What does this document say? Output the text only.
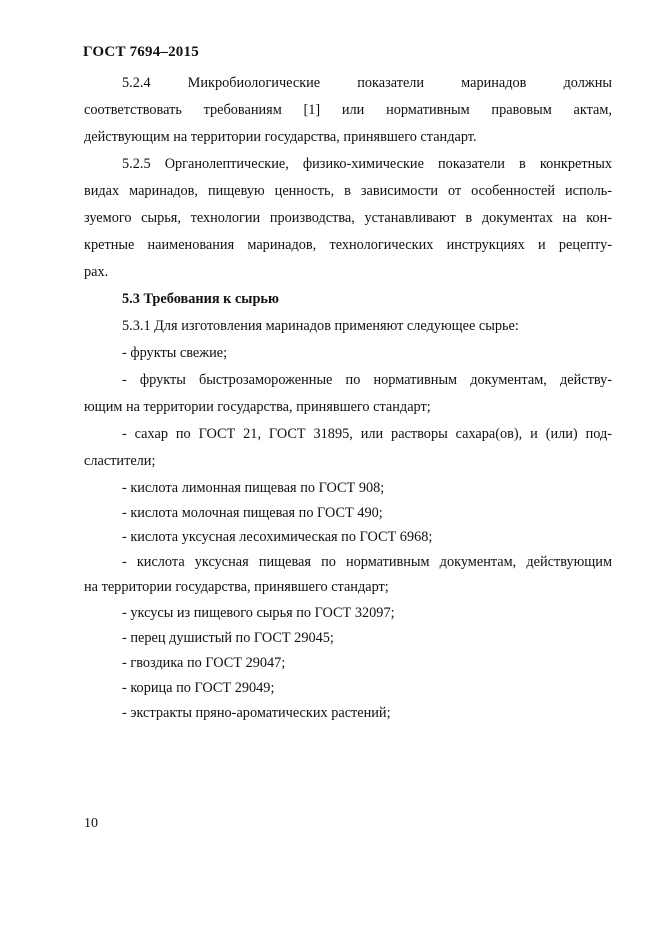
ГОСТ 7694–2015
5.2.4 Микробиологические показатели маринадов должны
соответствовать требованиям [1] или нормативным правовым актам,
действующим на территории государства, принявшего стандарт.
5.2.5 Органолептические, физико-химические показатели в конкретных
видах маринадов, пищевую ценность, в зависимости от особенностей исполь-
зуемого сырья, технологии производства, устанавливают в документах на кон-
кретные наименования маринадов, технологических инструкциях и рецепту-
рах.
5.3 Требования к сырью
5.3.1 Для изготовления маринадов применяют следующее сырье:
- фрукты свежие;
- фрукты быстрозамороженные по нормативным документам, действу-
ющим на территории государства, принявшего стандарт;
- сахар по ГОСТ 21, ГОСТ 31895, или растворы сахара(ов), и (или) под-
сластители;
- кислота лимонная пищевая по ГОСТ 908;
- кислота молочная пищевая по ГОСТ 490;
- кислота уксусная лесохимическая по ГОСТ 6968;
- кислота уксусная пищевая по нормативным документам, действующим
на территории государства, принявшего стандарт;
- уксусы из пищевого сырья по ГОСТ 32097;
- перец душистый по ГОСТ 29045;
- гвоздика по ГОСТ 29047;
- корица по ГОСТ 29049;
- экстракты пряно-ароматических растений;
10
